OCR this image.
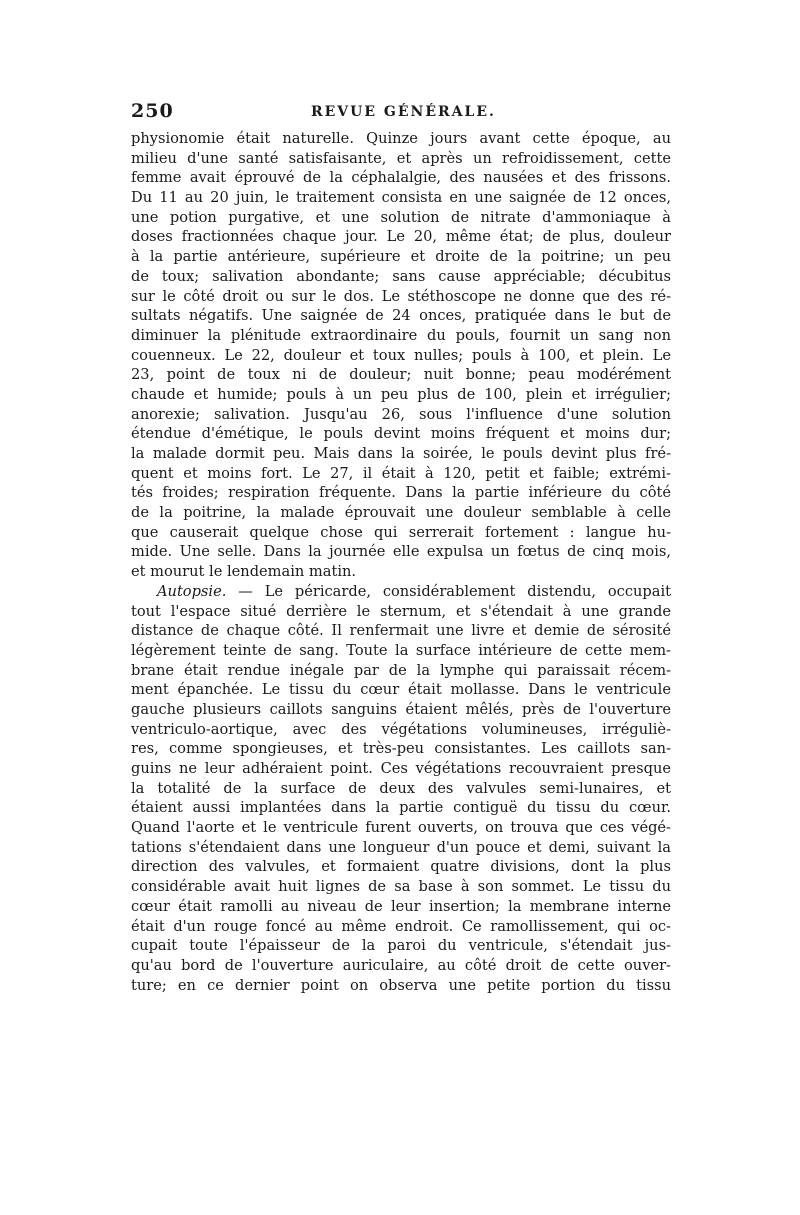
250	REVUE GÉNÉRALE.
physionomie était naturelle. Quinze jours avant cette époque, au
milieu d'une santé satisfaisante, et après un refroidissement, cette
femme avait éprouvé de la céphalalgie, des nausées et des frissons.
Du 11 au 20 juin, le traitement consista en une saignée de 12 onces,
une potion purgative, et une solution de nitrate d'ammoniaque à
doses fractionnées chaque jour. Le 20, même état; de plus, douleur
à la partie antérieure, supérieure et droite de la poitrine; un peu
de toux; salivation abondante; sans cause appréciable; décubitus
sur le côté droit ou sur le dos. Le stéthoscope ne donne que des ré-
sultats négatifs. Une saignée de 24 onces, pratiquée dans le but de
diminuer la plénitude extraordinaire du pouls, fournit un sang non
couenneux. Le 22, douleur et toux nulles; pouls à 100, et plein. Le
23, point de toux ni de douleur; nuit bonne; peau modérément
chaude et humide; pouls à un peu plus de 100, plein et irrégulier;
anorexie; salivation. Jusqu'au 26, sous l'influence d'une solution
étendue d'émétique, le pouls devint moins fréquent et moins dur;
la malade dormit peu. Mais dans la soirée, le pouls devint plus fré-
quent et moins fort. Le 27, il était à 120, petit et faible; extrémi-
tés froides; respiration fréquente. Dans la partie inférieure du côté
de la poitrine, la malade éprouvait une douleur semblable à celle
que causerait quelque chose qui serrerait fortement : langue hu-
mide. Une selle. Dans la journée elle expulsa un fœtus de cinq mois,
et mourut le lendemain matin.
Autopsie. — Le péricarde, considérablement distendu, occupait
tout l'espace situé derrière le sternum, et s'étendait à une grande
distance de chaque côté. Il renfermait une livre et demie de sérosité
légèrement teinte de sang. Toute la surface intérieure de cette mem-
brane était rendue inégale par de la lymphe qui paraissait récem-
ment épanchée. Le tissu du cœur était mollasse. Dans le ventricule
gauche plusieurs caillots sanguins étaient mêlés, près de l'ouverture
ventriculo-aortique, avec des végétations volumineuses, irréguliè-
res, comme spongieuses, et très-peu consistantes. Les caillots san-
guins ne leur adhéraient point. Ces végétations recouvraient presque
la totalité de la surface de deux des valvules semi-lunaires, et
étaient aussi implantées dans la partie contiguë du tissu du cœur.
Quand l'aorte et le ventricule furent ouverts, on trouva que ces végé-
tations s'étendaient dans une longueur d'un pouce et demi, suivant la
direction des valvules, et formaient quatre divisions, dont la plus
considérable avait huit lignes de sa base à son sommet. Le tissu du
cœur était ramolli au niveau de leur insertion; la membrane interne
était d'un rouge foncé au même endroit. Ce ramollissement, qui oc-
cupait toute l'épaisseur de la paroi du ventricule, s'étendait jus-
qu'au bord de l'ouverture auriculaire, au côté droit de cette ouver-
ture; en ce dernier point on observa une petite portion du tissu
